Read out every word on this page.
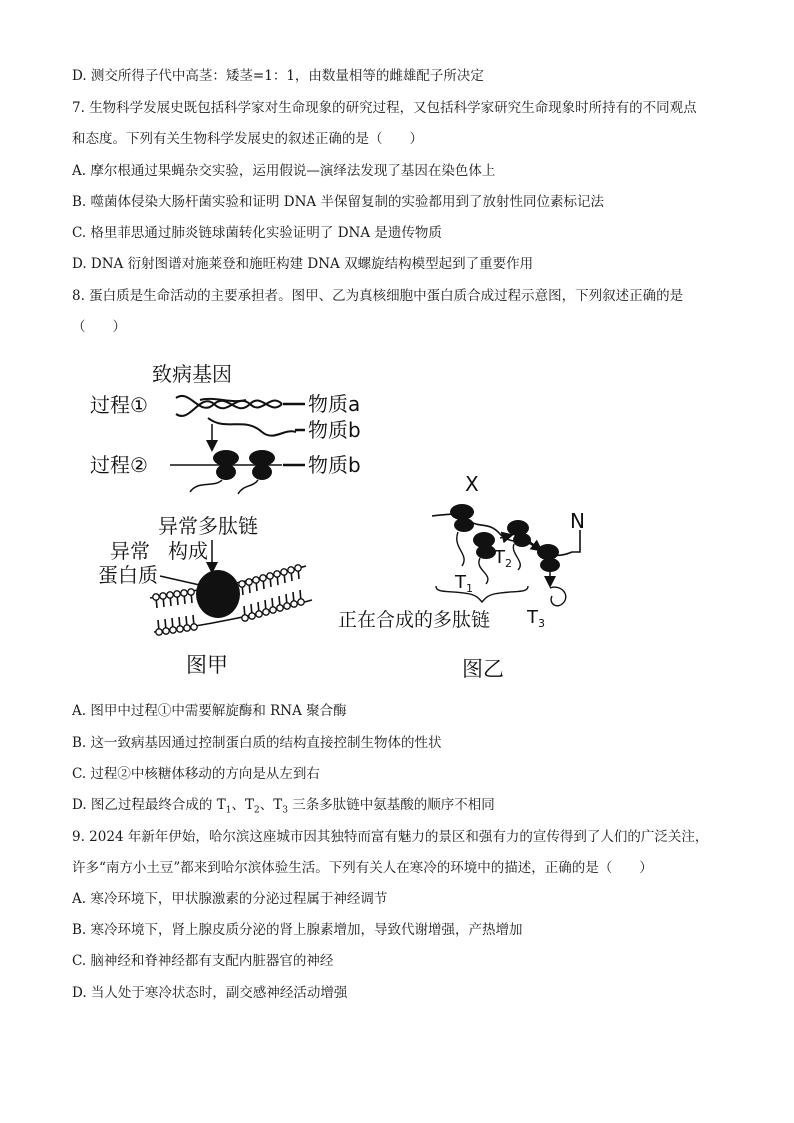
D. 测交所得子代中高茎：矮茎=1：1，由数量相等的雌雄配子所决定
7. 生物科学发展史既包括科学家对生命现象的研究过程，又包括科学家研究生命现象时所持有的不同观点
和态度。下列有关生物科学发展史的叙述正确的是（　　）
A. 摩尔根通过果蝇杂交实验，运用假说—演绎法发现了基因在染色体上
B. 噬菌体侵染大肠杆菌实验和证明 DNA 半保留复制的实验都用到了放射性同位素标记法
C. 格里菲思通过肺炎链球菌转化实验证明了 DNA 是遗传物质
D. DNA 衍射图谱对施莱登和施旺构建 DNA 双螺旋结构模型起到了重要作用
8. 蛋白质是生命活动的主要承担者。图甲、乙为真核细胞中蛋白质合成过程示意图，下列叙述正确的是
（　　）
致病基因
过程①	物质a
物质b
过程②	物质b
异常多肽链
异常 构成
蛋白质
图甲
X
N
$T_1$
$T_2$
$T_3$
正在合成的多肽链
图乙
A. 图甲中过程①中需要解旋酶和 RNA 聚合酶
B. 这一致病基因通过控制蛋白质的结构直接控制生物体的性状
C. 过程②中核糖体移动的方向是从左到右
D. 图乙过程最终合成的 $T_1$、$T_2$、$T_3$ 三条多肽链中氨基酸的顺序不相同
9. 2024 年新年伊始，哈尔滨这座城市因其独特而富有魅力的景区和强有力的宣传得到了人们的广泛关注，
许多“南方小土豆”都来到哈尔滨体验生活。下列有关人在寒冷的环境中的描述，正确的是（　　）
A. 寒冷环境下，甲状腺激素的分泌过程属于神经调节
B. 寒冷环境下，肾上腺皮质分泌的肾上腺素增加，导致代谢增强，产热增加
C. 脑神经和脊神经都有支配内脏器官的神经
D. 当人处于寒冷状态时，副交感神经活动增强
